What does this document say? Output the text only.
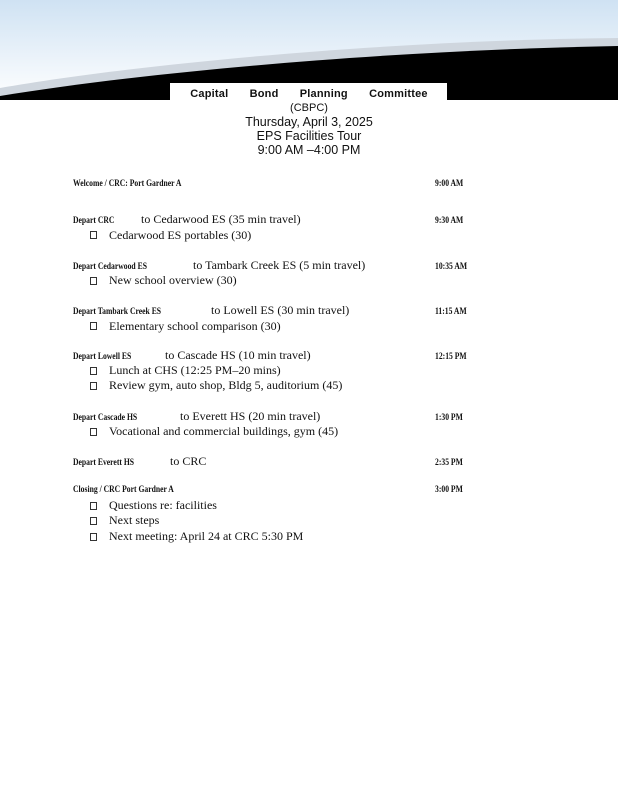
Capital Bond Planning Committee
(CBPC)
Thursday, April 3, 2025
EPS Facilities Tour
9:00 AM –4:00 PM
Welcome / CRC: Port Gardner A	9:00 AM
Depart CRC to Cedarwood ES (35 min travel)	9:30 AM
Cedarwood ES portables (30)
Depart Cedarwood ES	to Tambark Creek ES (5 min travel)	10:35 AM
New school overview (30)
Depart Tambark Creek ES	to Lowell ES (30 min travel)	11:15 AM
Elementary school comparison (30)
Depart Lowell ES	to Cascade HS (10 min travel)	12:15 PM
Lunch at CHS (12:25 PM–20 mins)
Review gym, auto shop, Bldg 5, auditorium (45)
Depart Cascade HS	to Everett HS (20 min travel)	1:30 PM
Vocational and commercial buildings, gym (45)
Depart Everett HS	to CRC	2:35 PM
Closing / CRC Port Gardner A	3:00 PM
Questions re: facilities
Next steps
Next meeting: April 24 at CRC 5:30 PM
